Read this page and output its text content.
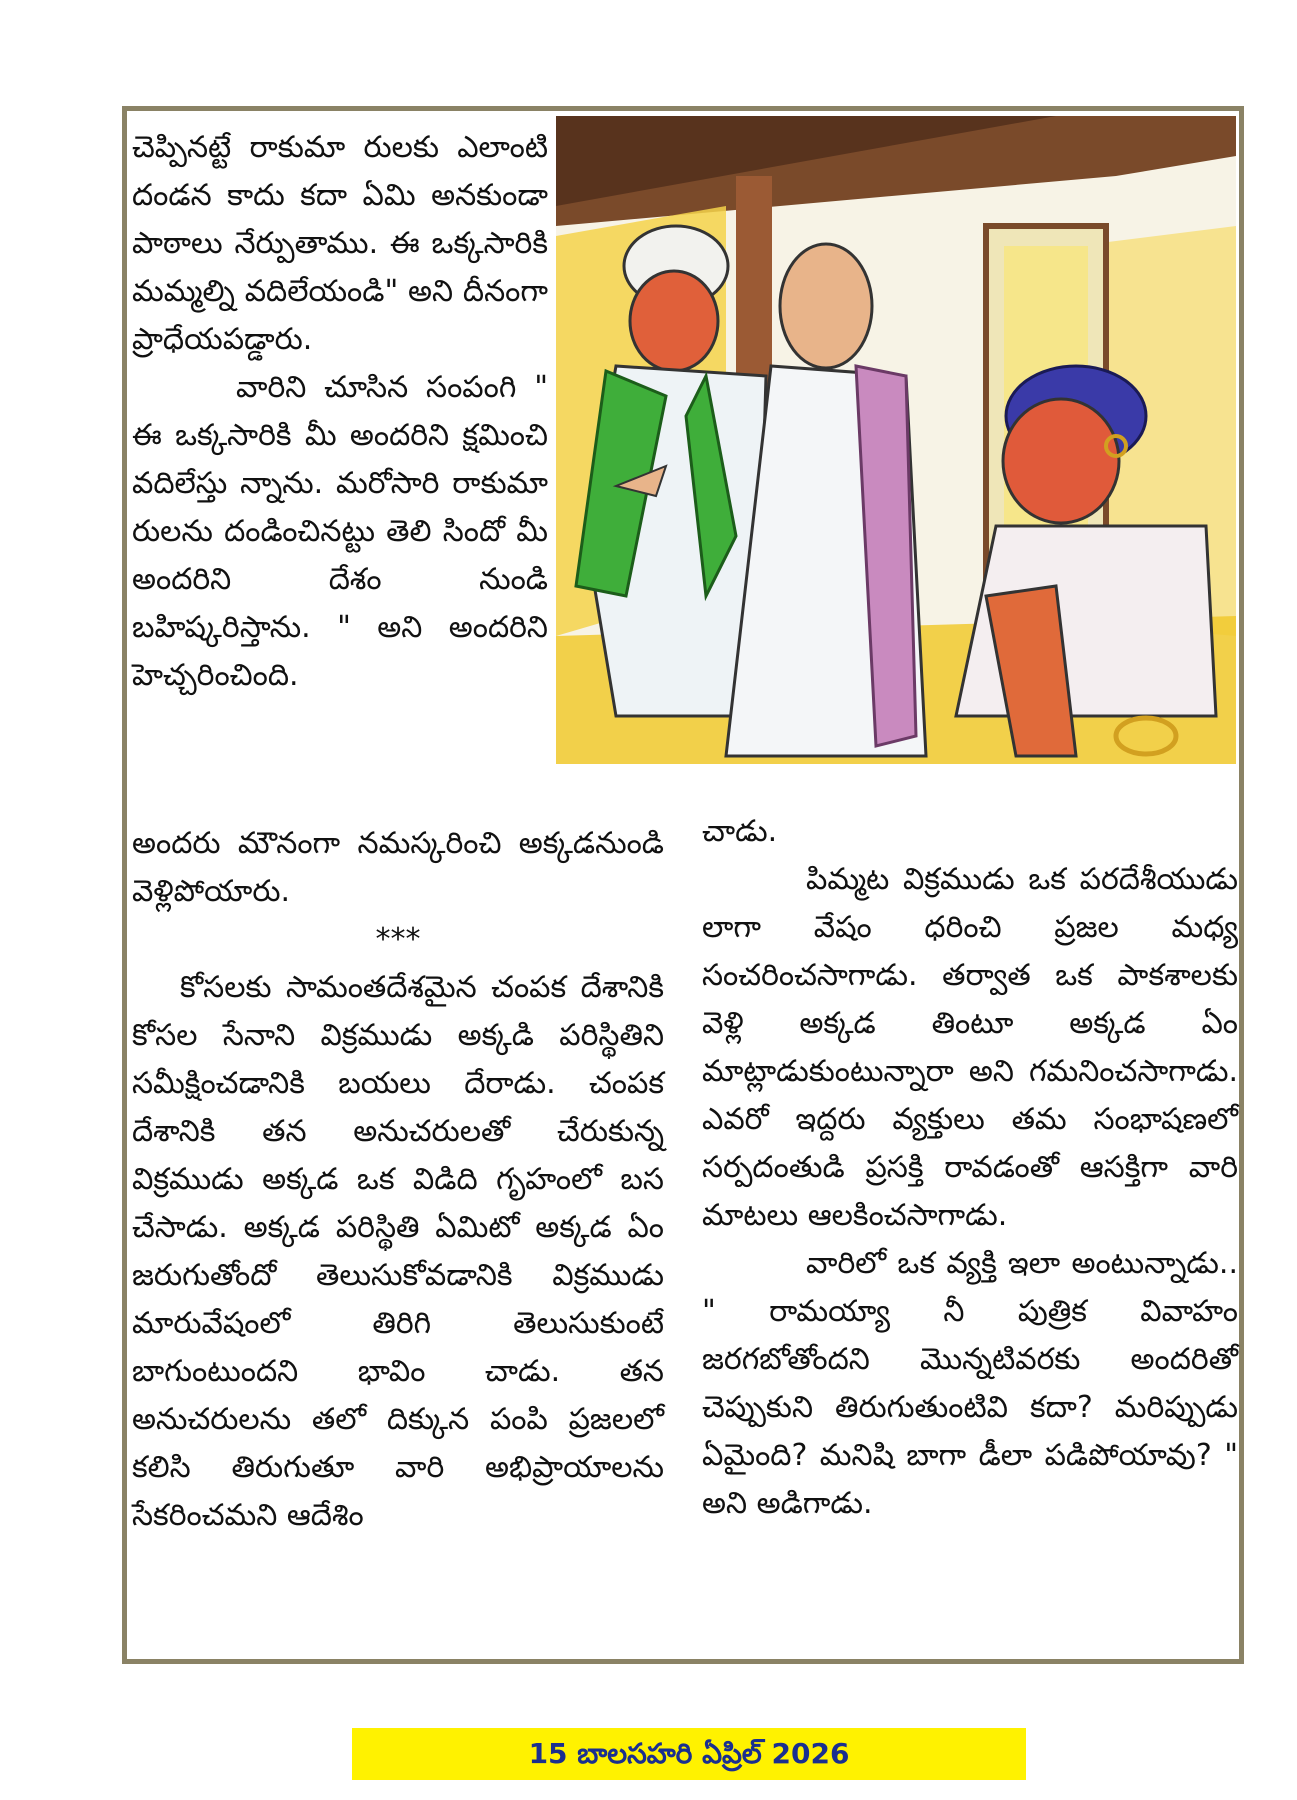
చెప్పినట్టే రాకుమా రులకు ఎలాంటి దండన కాదు కదా ఏమి అనకుండా పాఠాలు నేర్పుతాము. ఈ ఒక్కసారికి మమ్మల్ని వదిలేయండి" అని దీనంగా ప్రాధేయపడ్డారు.

వారిని చూసిన సంపంగి " ఈ ఒక్కసారికి మీ అందరిని క్షమించి వదిలేస్తు న్నాను. మరోసారి రాకుమా రులను దండించినట్టు తెలి సిందో మీ అందరిని దేశం నుండి బహిష్కరిస్తాను. " అని అందరిని హెచ్చరించింది.

అందరు మౌనంగా నమస్కరించి అక్కడనుండి వెళ్లిపోయారు.

***

కోసలకు సామంతదేశమైన చంపక దేశానికి కోసల సేనాని విక్రముడు అక్కడి పరిస్థితిని సమీక్షించడానికి బయలు దేరాడు. చంపక దేశానికి తన అనుచరులతో చేరుకున్న విక్రముడు అక్కడ ఒక విడిది గృహంలో బస చేసాడు. అక్కడ పరిస్థితి ఏమిటో అక్కడ ఏం జరుగుతోందో తెలుసుకోవడానికి విక్రముడు మారువేషంలో తిరిగి తెలుసుకుంటే బాగుంటుందని భావిం చాడు. తన అనుచరులను తలో దిక్కున పంపి ప్రజలలో కలిసి తిరుగుతూ వారి అభిప్రాయాలను సేకరించమని ఆదేశిం

చాడు.

పిమ్మట విక్రముడు ఒక పరదేశీయుడు లాగా వేషం ధరించి ప్రజల మధ్య సంచరించసాగాడు. తర్వాత ఒక పాకశాలకు వెళ్లి అక్కడ తింటూ అక్కడ ఏం మాట్లాడుకుంటున్నారా అని గమనించసాగాడు. ఎవరో ఇద్దరు వ్యక్తులు తమ సంభాషణలో సర్పదంతుడి ప్రసక్తి రావడంతో ఆసక్తిగా వారి మాటలు ఆలకించసాగాడు.

వారిలో ఒక వ్యక్తి ఇలా అంటున్నాడు.. " రామయ్యా నీ పుత్రిక వివాహం జరగబోతోందని మొన్నటివరకు అందరితో చెప్పుకుని తిరుగుతుంటివి కదా? మరిప్పుడు ఏమైంది? మనిషి బాగా డీలా పడిపోయావు? " అని అడిగాడు.

15 బాలసహరి ఏప్రిల్ 2026
